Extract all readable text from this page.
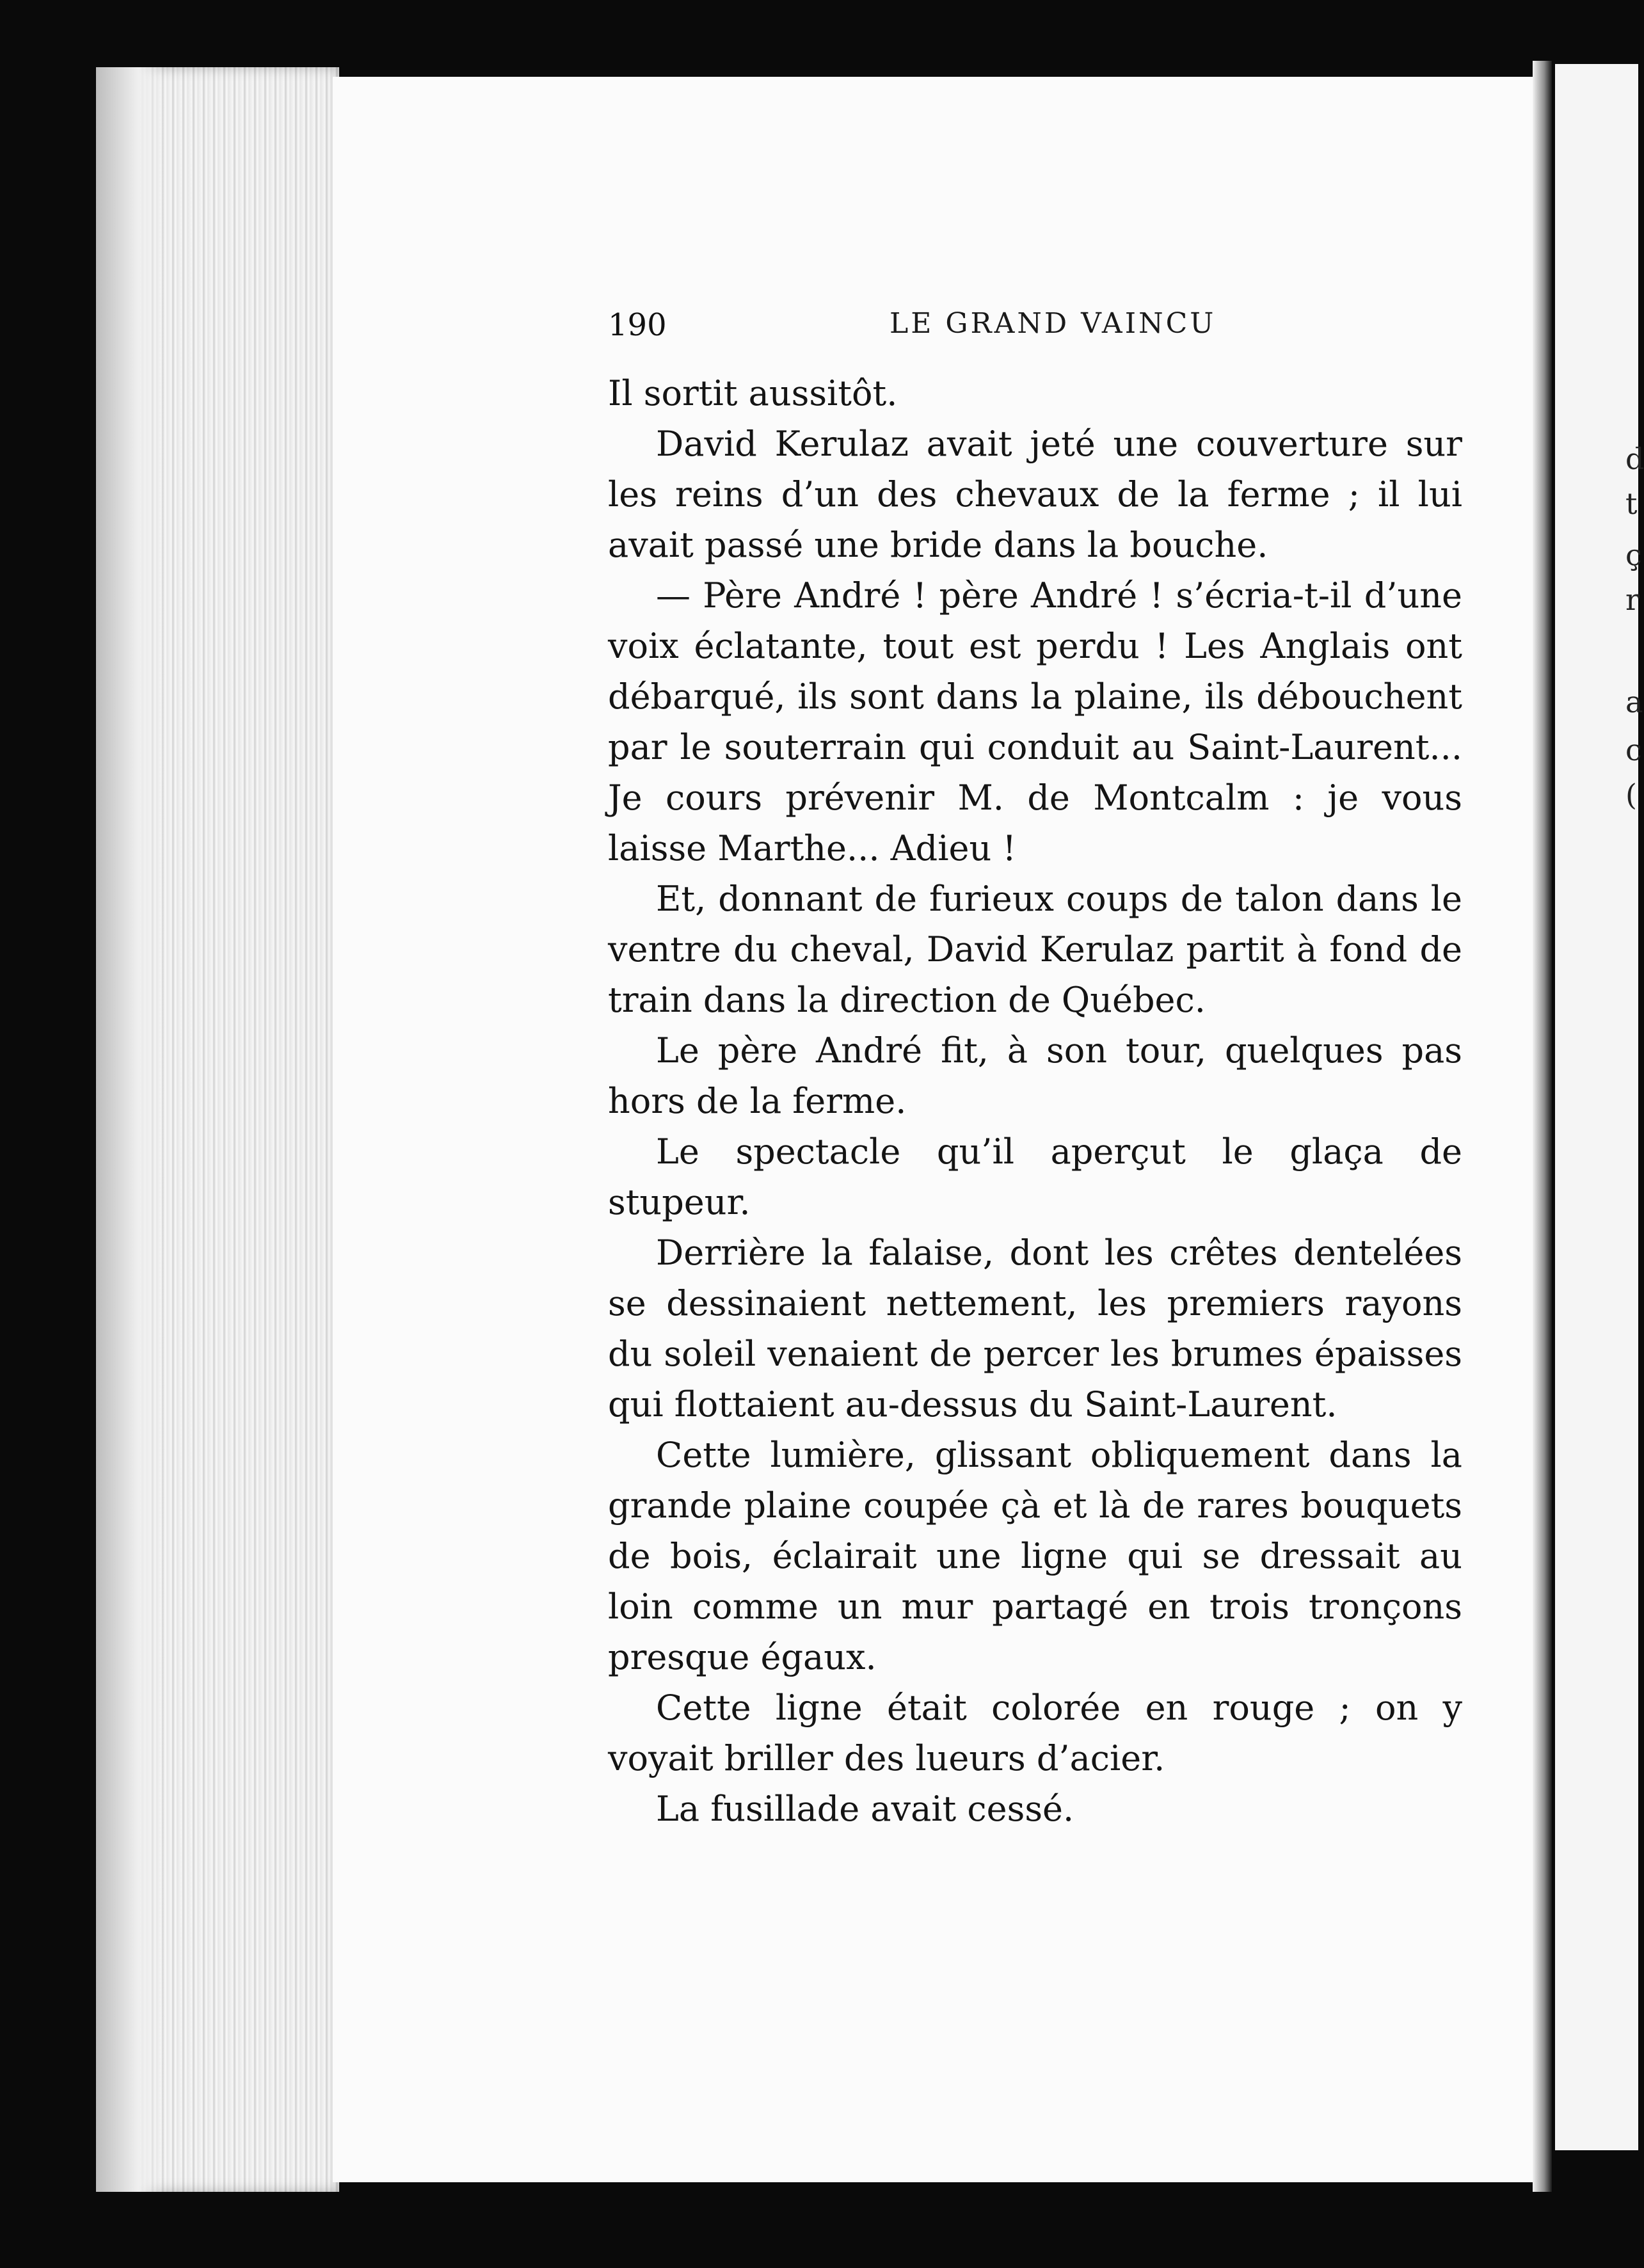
d
t
ç
r
a
c
(
190	LE GRAND VAINCU

Il sortit aussitôt.

David Kerulaz avait jeté une couverture sur les reins d’un des chevaux de la ferme ; il lui avait passé une bride dans la bouche.

— Père André ! père André ! s’écria-t-il d’une voix éclatante, tout est perdu ! Les Anglais ont débarqué, ils sont dans la plaine, ils débouchent par le souterrain qui conduit au Saint-Laurent... Je cours prévenir M. de Montcalm : je vous laisse Marthe... Adieu !

Et, donnant de furieux coups de talon dans le ventre du cheval, David Kerulaz partit à fond de train dans la direction de Québec.

Le père André fit, à son tour, quelques pas hors de la ferme.

Le spectacle qu’il aperçut le glaça de stupeur.

Derrière la falaise, dont les crêtes dentelées se dessinaient nettement, les premiers rayons du soleil venaient de percer les brumes épaisses qui flottaient au-dessus du Saint-Laurent.

Cette lumière, glissant obliquement dans la grande plaine coupée çà et là de rares bouquets de bois, éclairait une ligne qui se dressait au loin comme un mur partagé en trois tronçons presque égaux.

Cette ligne était colorée en rouge ; on y voyait briller des lueurs d’acier.

La fusillade avait cessé.
